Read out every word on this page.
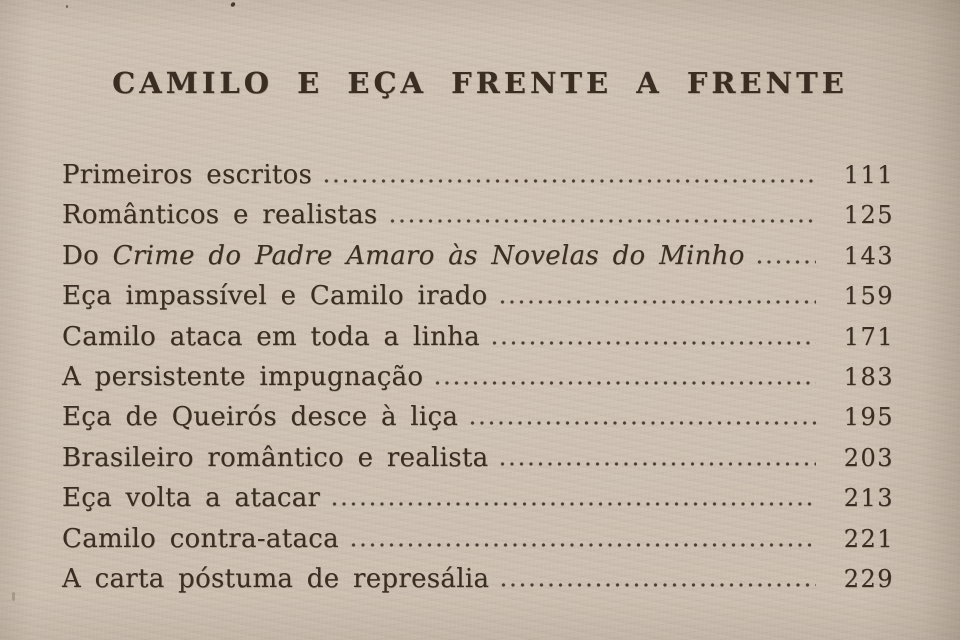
CAMILO E EÇA FRENTE A FRENTE
Primeiros escritos	111
Românticos e realistas	125
Do Crime do Padre Amaro às Novelas do Minho	143
Eça impassível e Camilo irado	159
Camilo ataca em toda a linha	171
A persistente impugnação	183
Eça de Queirós desce à liça	195
Brasileiro romântico e realista	203
Eça volta a atacar	213
Camilo contra-ataca	221
A carta póstuma de represália	229
